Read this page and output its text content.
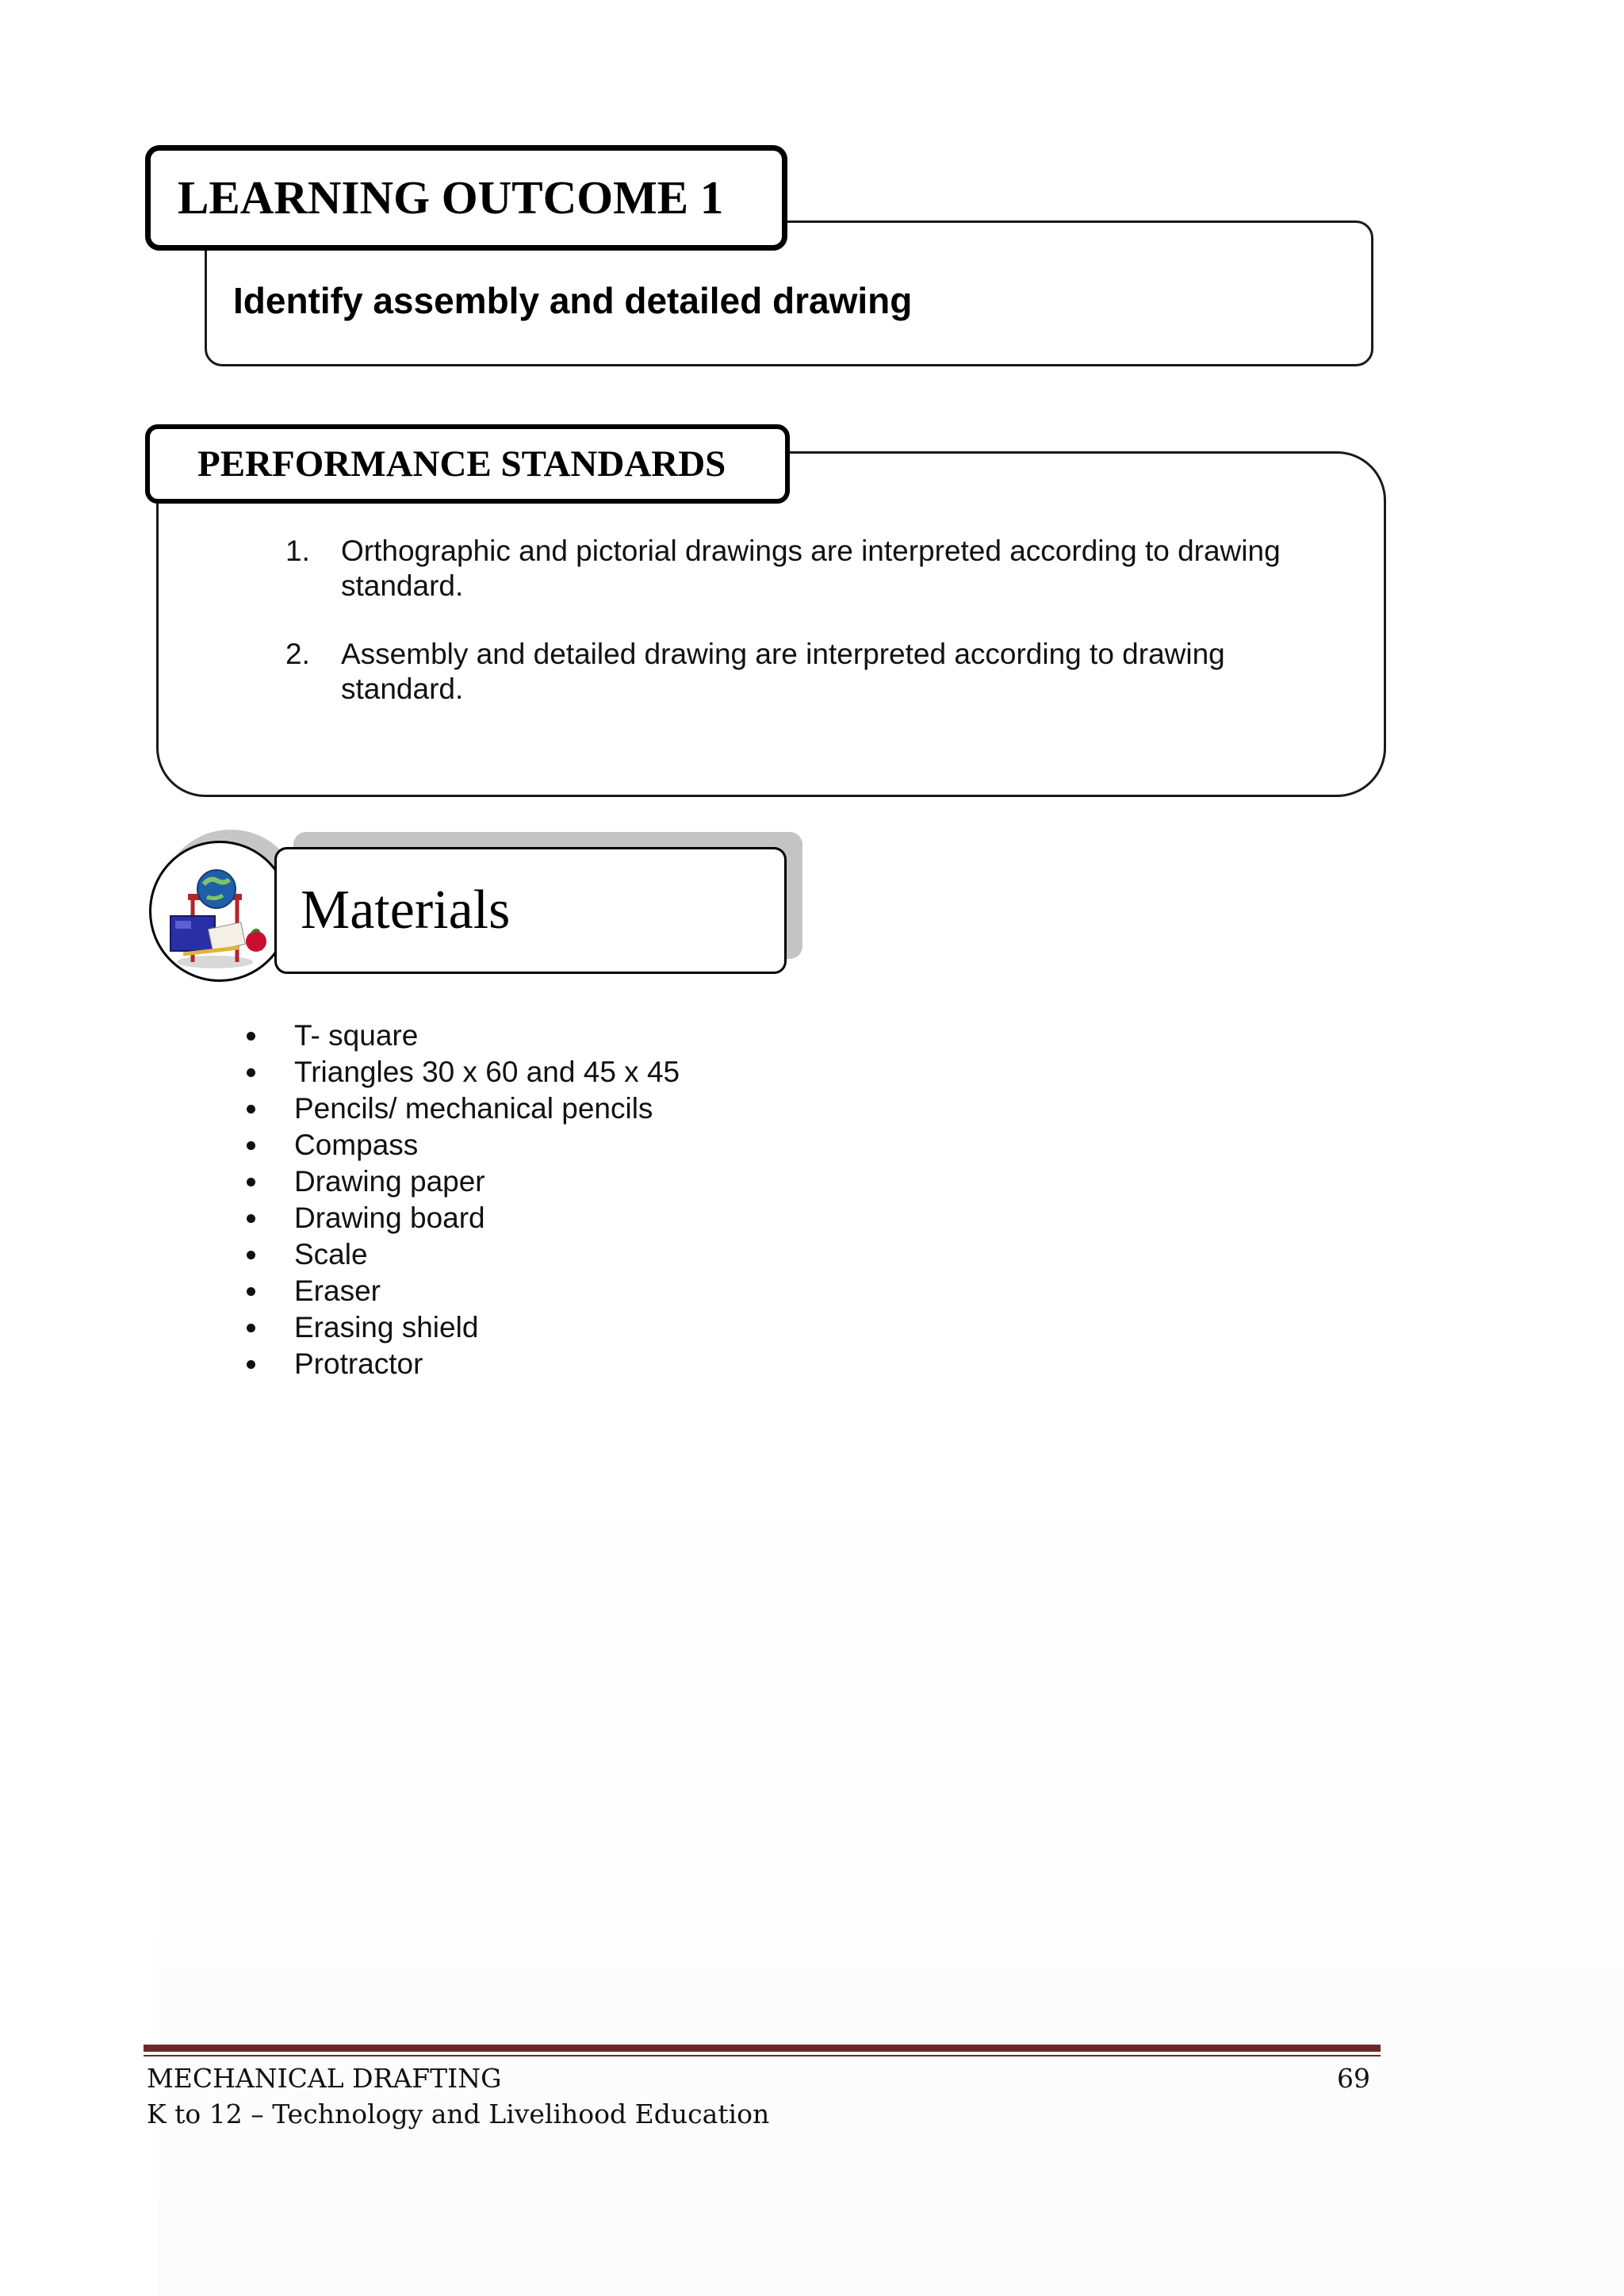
Identify assembly and detailed drawing
LEARNING OUTCOME 1
PERFORMANCE STANDARDS
1. Orthographic and pictorial drawings are interpreted according to drawing standard.
2. Assembly and detailed drawing are interpreted according to drawing standard.
Materials
T- square
Triangles 30 x 60 and 45 x 45
Pencils/ mechanical pencils
Compass
Drawing paper
Drawing board
Scale
Eraser
Erasing shield
Protractor
MECHANICAL DRAFTING
K to 12 – Technology and Livelihood Education
69
